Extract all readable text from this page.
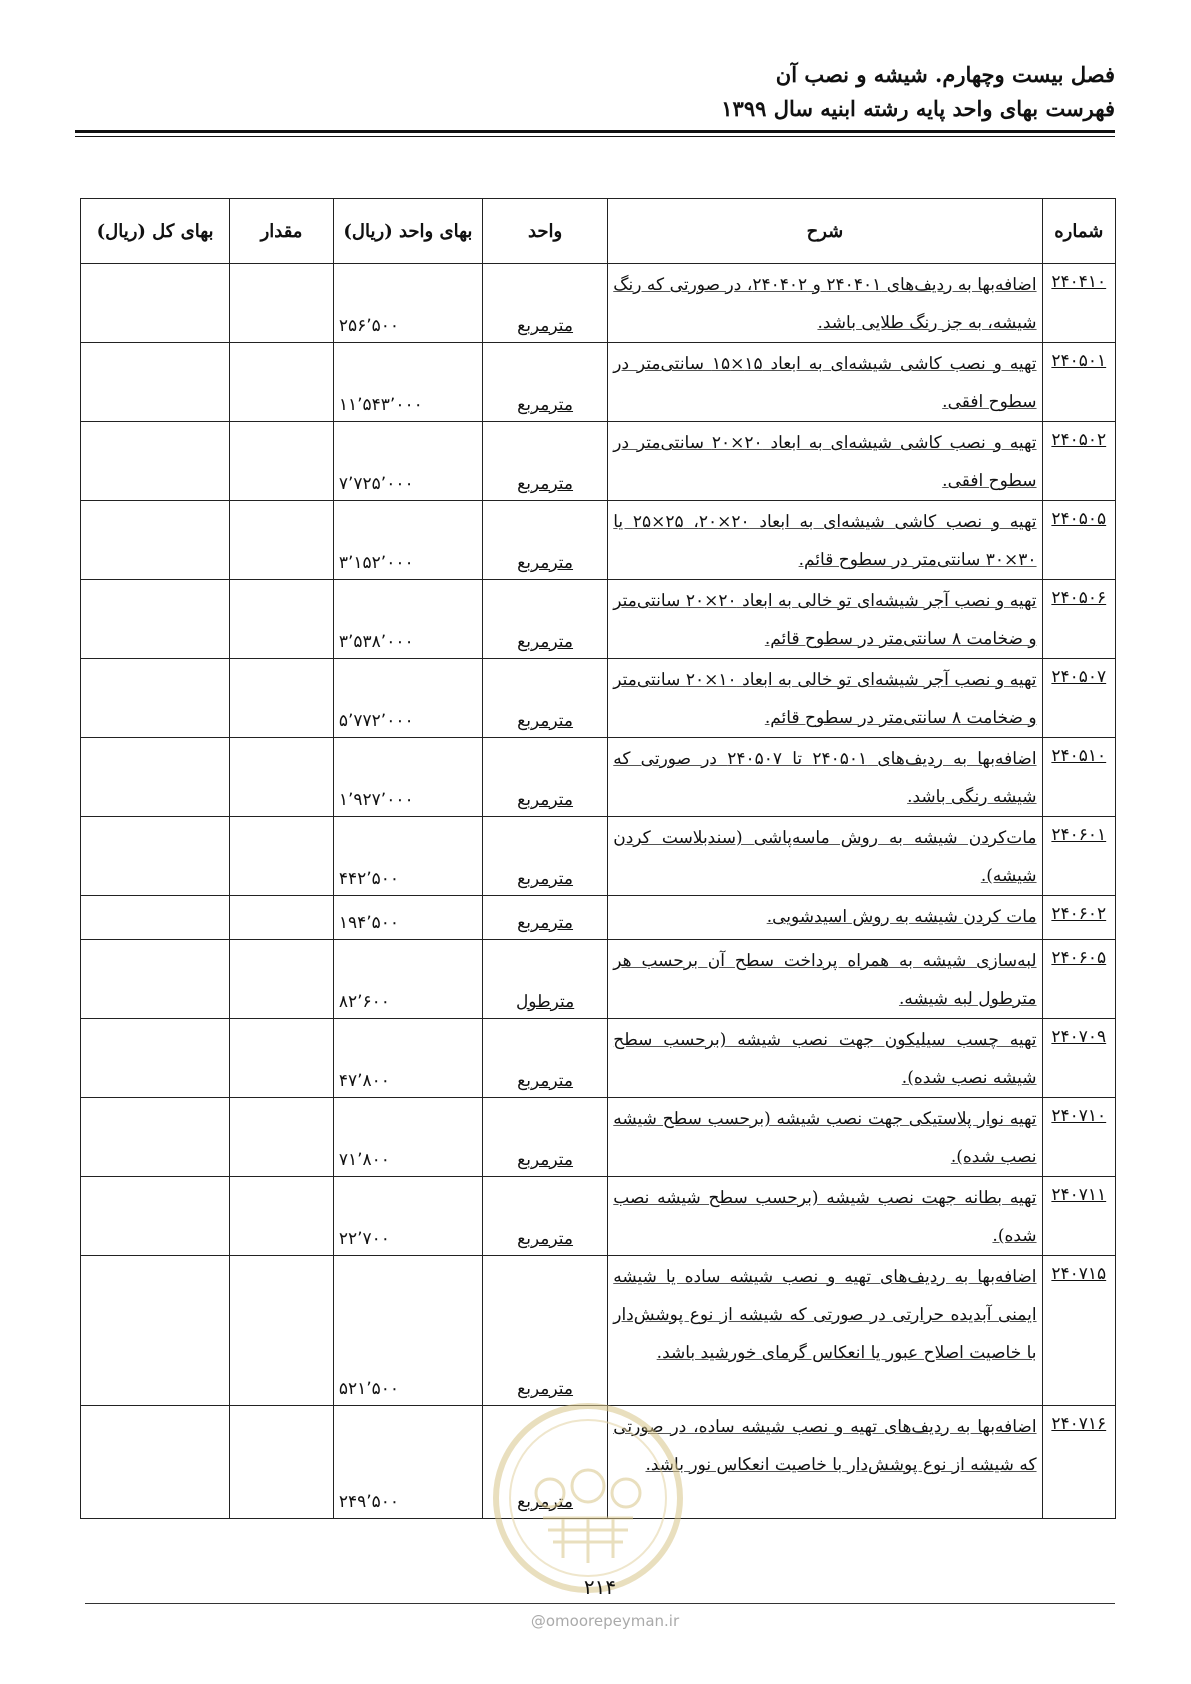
فصل بیست وچهارم. شیشه و نصب آن
فهرست بهای واحد پایه رشته ابنیه سال ۱۳۹۹
شماره	شرح	واحد	بهای واحد (ریال)	مقدار	بهای کل (ریال)
۲۴۰۴۱۰	اضافه‌بها به ردیف‌های ۲۴۰۴۰۱ و ۲۴۰۴۰۲، در صورتی که رنگ شیشه، به جز رنگ طلایی باشد.	مترمربع	۲۵۶٬۵۰۰		
۲۴۰۵۰۱	تهیه و نصب کاشی شیشه‌ای به ابعاد ۱۵×۱۵ سانتی‌متر در سطوح افقی.	مترمربع	۱۱٬۵۴۳٬۰۰۰		
۲۴۰۵۰۲	تهیه و نصب کاشی شیشه‌ای به ابعاد ۲۰×۲۰ سانتی‌متر در سطوح افقی.	مترمربع	۷٬۷۲۵٬۰۰۰		
۲۴۰۵۰۵	تهیه و نصب کاشی شیشه‌ای به ابعاد ۲۰×۲۰، ۲۵×۲۵ یا ۳۰×۳۰ سانتی‌متر در سطوح قائم.	مترمربع	۳٬۱۵۲٬۰۰۰		
۲۴۰۵۰۶	تهیه و نصب آجر شیشه‌ای تو خالی به ابعاد ۲۰×۲۰ سانتی‌متر و ضخامت ۸ سانتی‌متر در سطوح قائم.	مترمربع	۳٬۵۳۸٬۰۰۰		
۲۴۰۵۰۷	تهیه و نصب آجر شیشه‌ای تو خالی به ابعاد ۱۰×۲۰ سانتی‌متر و ضخامت ۸ سانتی‌متر در سطوح قائم.	مترمربع	۵٬۷۷۲٬۰۰۰		
۲۴۰۵۱۰	اضافه‌بها به ردیف‌های ۲۴۰۵۰۱ تا ۲۴۰۵۰۷ در صورتی که شیشه رنگی باشد.	مترمربع	۱٬۹۲۷٬۰۰۰		
۲۴۰۶۰۱	مات‌کردن شیشه به روش ماسه‌پاشی (سندبلاست کردن شیشه).	مترمربع	۴۴۲٬۵۰۰		
۲۴۰۶۰۲	مات کردن شیشه به روش اسیدشویی.	مترمربع	۱۹۴٬۵۰۰		
۲۴۰۶۰۵	لبه‌سازی شیشه به همراه پرداخت سطح آن برحسب هر مترطول لبه شیشه.	مترطول	۸۲٬۶۰۰		
۲۴۰۷۰۹	تهیه چسب سیلیکون جهت نصب شیشه (برحسب سطح شیشه نصب شده).	مترمربع	۴۷٬۸۰۰		
۲۴۰۷۱۰	تهیه نوار پلاستیکی جهت نصب شیشه (برحسب سطح شیشه نصب شده).	مترمربع	۷۱٬۸۰۰		
۲۴۰۷۱۱	تهیه بطانه جهت نصب شیشه (برحسب سطح شیشه نصب شده).	مترمربع	۲۲٬۷۰۰		
۲۴۰۷۱۵	اضافه‌بها به ردیف‌های تهیه و نصب شیشه ساده یا شیشه ایمنی آبدیده حرارتی در صورتی که شیشه از نوع پوشش‌دار با خاصیت اصلاح عبور یا انعکاس گرمای خورشید باشد.	مترمربع	۵۲۱٬۵۰۰		
۲۴۰۷۱۶	اضافه‌بها به ردیف‌های تهیه و نصب شیشه ساده، در صورتی که شیشه از نوع پوشش‌دار با خاصیت انعکاس نور باشد.	مترمربع	۲۴۹٬۵۰۰		
۲۱۴
@omoorepeyman.ir
